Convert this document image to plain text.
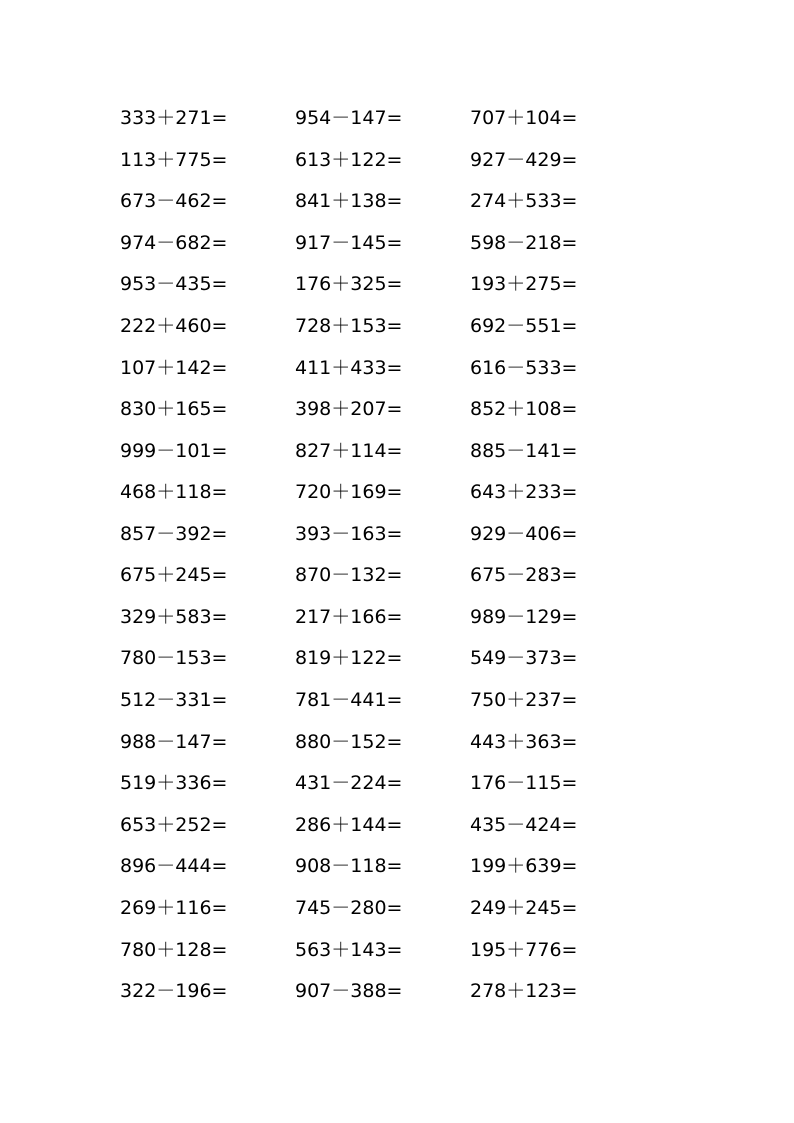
333＋271=	954－147=	707＋104=
113＋775=	613＋122=	927－429=
673－462=	841＋138=	274＋533=
974－682=	917－145=	598－218=
953－435=	176＋325=	193＋275=
222＋460=	728＋153=	692－551=
107＋142=	411＋433=	616－533=
830＋165=	398＋207=	852＋108=
999－101=	827＋114=	885－141=
468＋118=	720＋169=	643＋233=
857－392=	393－163=	929－406=
675＋245=	870－132=	675－283=
329＋583=	217＋166=	989－129=
780－153=	819＋122=	549－373=
512－331=	781－441=	750＋237=
988－147=	880－152=	443＋363=
519＋336=	431－224=	176－115=
653＋252=	286＋144=	435－424=
896－444=	908－118=	199＋639=
269＋116=	745－280=	249＋245=
780＋128=	563＋143=	195＋776=
322－196=	907－388=	278＋123=
